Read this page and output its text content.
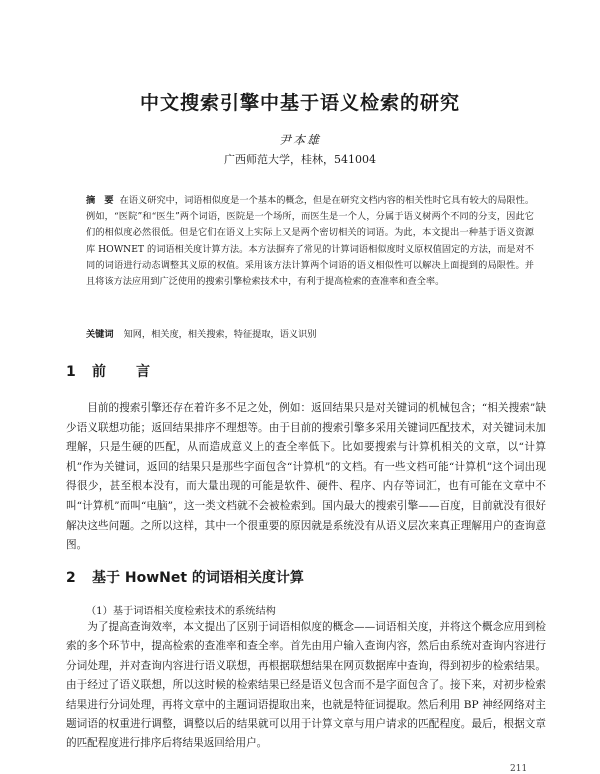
中文搜索引擎中基于语义检索的研究
尹本雄
广西师范大学，桂林，541004
摘　要 在语义研究中，词语相似度是一个基本的概念，但是在研究文档内容的相关性时它具有较大的局限性。例如，“医院”和“医生”两个词语，医院是一个场所，而医生是一个人，分属于语义树两个不同的分支，因此它们的相似度必然很低。但是它们在语义上实际上又是两个密切相关的词语。为此，本文提出一种基于语义资源库 HOWNET 的词语相关度计算方法。本方法摒弃了常见的计算词语相似度时义原权值固定的方法，而是对不同的词语进行动态调整其义原的权值。采用该方法计算两个词语的语义相似性可以解决上面提到的局限性。并且将该方法应用到广泛使用的搜索引擎检索技术中，有利于提高检索的查准率和查全率。
关键词 知网，相关度，相关搜索，特征提取，语义识别
1 前　言
目前的搜索引擎还存在着许多不足之处，例如：返回结果只是对关键词的机械包含；“相关搜索”缺少语义联想功能；返回结果排序不理想等。由于目前的搜索引擎多采用关键词匹配技术，对关键词未加理解，只是生硬的匹配，从而造成意义上的查全率低下。比如要搜索与计算机相关的文章，以“计算机”作为关键词，返回的结果只是那些字面包含“计算机”的文档。有一些文档可能“计算机”这个词出现得很少，甚至根本没有，而大量出现的可能是软件、硬件、程序、内存等词汇，也有可能在文章中不叫“计算机”而叫“电脑”，这一类文档就不会被检索到。国内最大的搜索引擎——百度，目前就没有很好解决这些问题。之所以这样，其中一个很重要的原因就是系统没有从语义层次来真正理解用户的查询意图。
2 基于 HowNet 的词语相关度计算
（1）基于词语相关度检索技术的系统结构
为了提高查询效率，本文提出了区别于词语相似度的概念——词语相关度，并将这个概念应用到检索的多个环节中，提高检索的查准率和查全率。首先由用户输入查询内容，然后由系统对查询内容进行分词处理，并对查询内容进行语义联想，再根据联想结果在网页数据库中查询，得到初步的检索结果。由于经过了语义联想，所以这时候的检索结果已经是语义包含而不是字面包含了。接下来，对初步检索结果进行分词处理，再将文章中的主题词语提取出来，也就是特征词提取。然后利用 BP 神经网络对主题词语的权重进行调整，调整以后的结果就可以用于计算文章与用户请求的匹配程度。最后，根据文章的匹配程度进行排序后将结果返回给用户。
211
